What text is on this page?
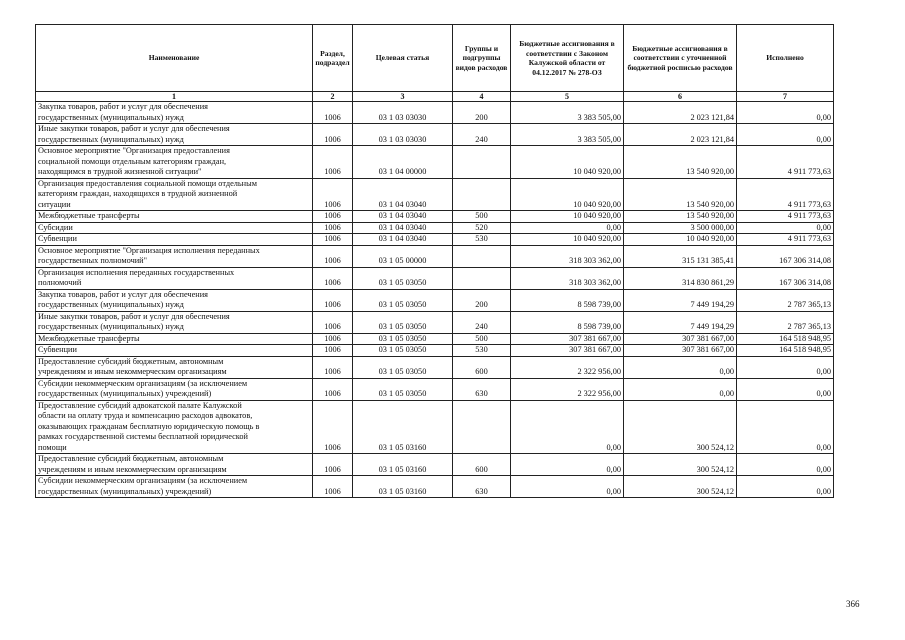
Наименование	Раздел, подраздел	Целевая статья	Группы и подгруппы видов расходов	Бюджетные ассигнования в соответствии с Законом Калужской области от 04.12.2017 № 278-ОЗ	Бюджетные ассигнования в соответствии с уточненной бюджетной росписью расходов	Исполнено
1	2	3	4	5	6	7
Закупка товаров, работ и услуг для обеспечения
государственных (муниципальных) нужд	1006	03 1 03 03030	200	3 383 505,00	2 023 121,84	0,00
Иные закупки товаров, работ и услуг для обеспечения
государственных (муниципальных) нужд	1006	03 1 03 03030	240	3 383 505,00	2 023 121,84	0,00
Основное мероприятие "Организация предоставления
социальной помощи отдельным категориям граждан,
находящимся в трудной жизненной ситуации"	1006	03 1 04 00000		10 040 920,00	13 540 920,00	4 911 773,63
Организация предоставления социальной помощи отдельным
категориям граждан, находящихся в трудной жизненной
ситуации	1006	03 1 04 03040		10 040 920,00	13 540 920,00	4 911 773,63
Межбюджетные трансферты	1006	03 1 04 03040	500	10 040 920,00	13 540 920,00	4 911 773,63
Субсидии	1006	03 1 04 03040	520	0,00	3 500 000,00	0,00
Субвенции	1006	03 1 04 03040	530	10 040 920,00	10 040 920,00	4 911 773,63
Основное мероприятие "Организация исполнения переданных
государственных полномочий"	1006	03 1 05 00000		318 303 362,00	315 131 385,41	167 306 314,08
Организация исполнения переданных государственных
полномочий	1006	03 1 05 03050		318 303 362,00	314 830 861,29	167 306 314,08
Закупка товаров, работ и услуг для обеспечения
государственных (муниципальных) нужд	1006	03 1 05 03050	200	8 598 739,00	7 449 194,29	2 787 365,13
Иные закупки товаров, работ и услуг для обеспечения
государственных (муниципальных) нужд	1006	03 1 05 03050	240	8 598 739,00	7 449 194,29	2 787 365,13
Межбюджетные трансферты	1006	03 1 05 03050	500	307 381 667,00	307 381 667,00	164 518 948,95
Субвенции	1006	03 1 05 03050	530	307 381 667,00	307 381 667,00	164 518 948,95
Предоставление субсидий бюджетным, автономным
учреждениям и иным некоммерческим организациям	1006	03 1 05 03050	600	2 322 956,00	0,00	0,00
Субсидии некоммерческим организациям (за исключением
государственных (муниципальных) учреждений)	1006	03 1 05 03050	630	2 322 956,00	0,00	0,00
Предоставление субсидий адвокатской палате Калужской
области на оплату труда и компенсацию расходов адвокатов,
оказывающих гражданам бесплатную юридическую помощь в
рамках государственной системы бесплатной юридической
помощи	1006	03 1 05 03160		0,00	300 524,12	0,00
Предоставление субсидий бюджетным, автономным
учреждениям и иным некоммерческим организациям	1006	03 1 05 03160	600	0,00	300 524,12	0,00
Субсидии некоммерческим организациям (за исключением
государственных (муниципальных) учреждений)	1006	03 1 05 03160	630	0,00	300 524,12	0,00
366
